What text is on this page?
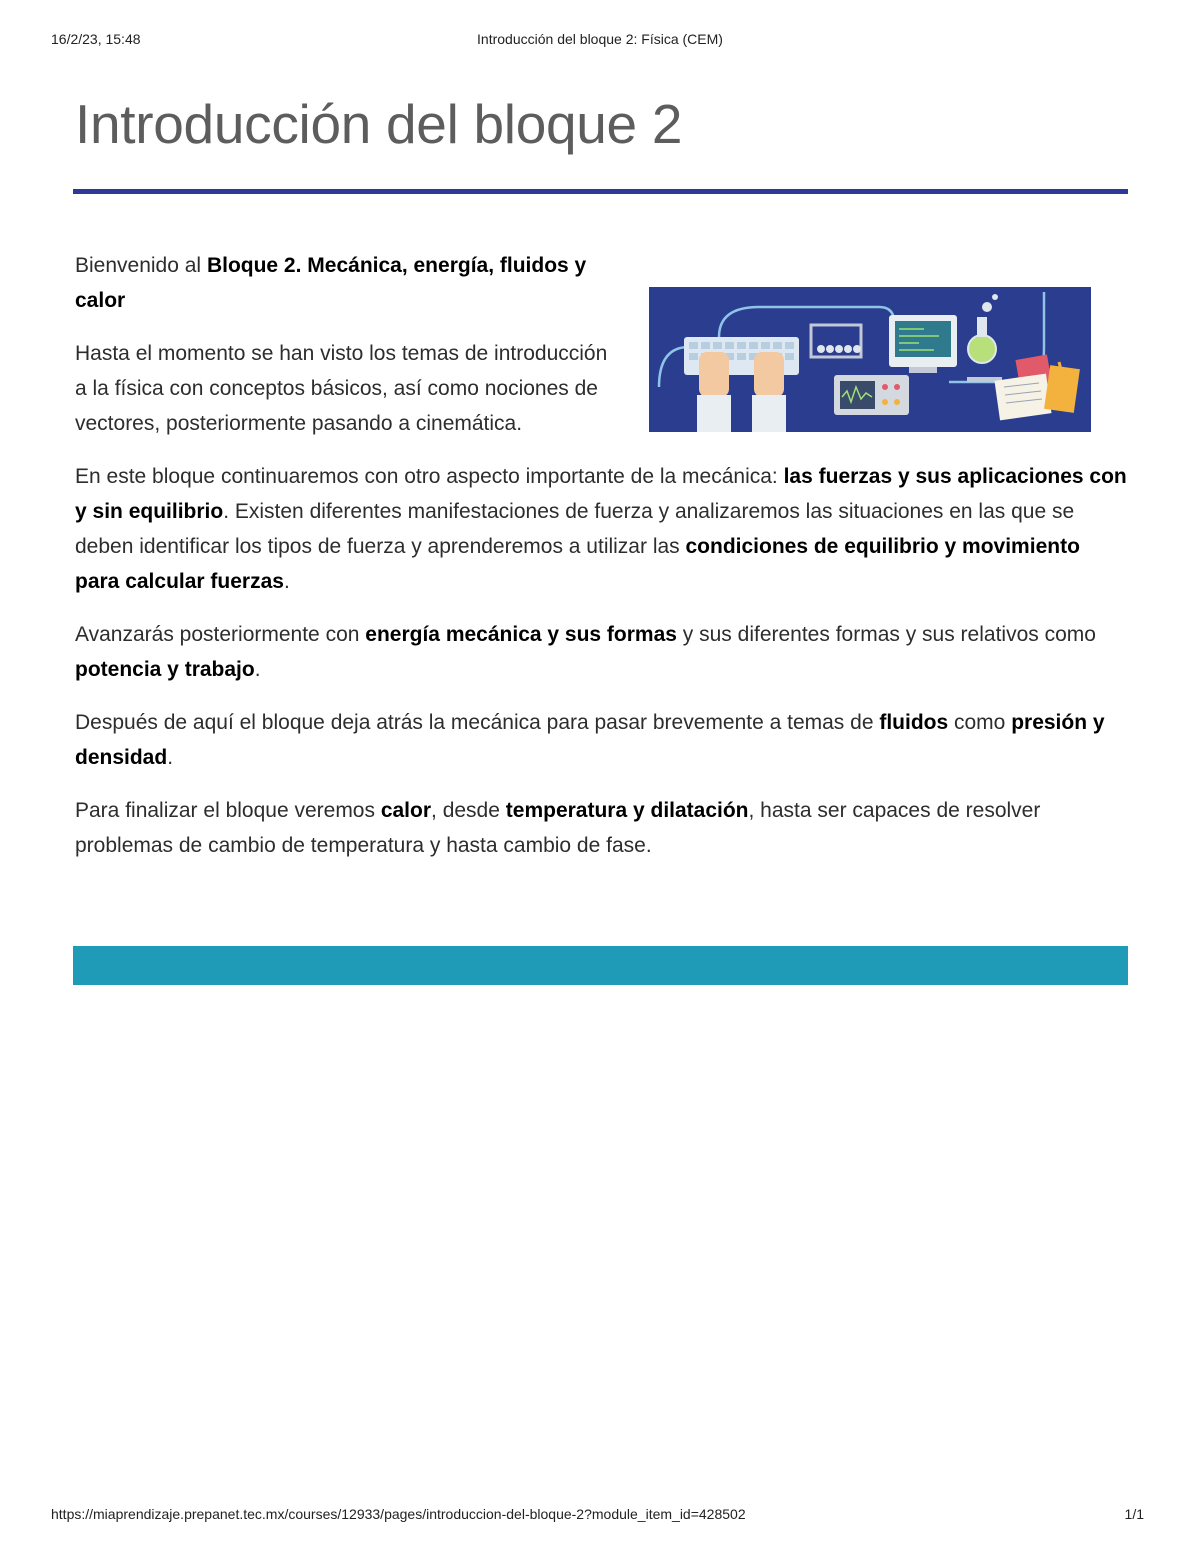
16/2/23, 15:48	Introducción del bloque 2: Física (CEM)
Introducción del bloque 2

Bienvenido al Bloque 2. Mecánica, energía, fluidos y calor

Hasta el momento se han visto los temas de introducción a la física con conceptos básicos, así como nociones de vectores, posteriormente pasando a cinemática.

En este bloque continuaremos con otro aspecto importante de la mecánica: las fuerzas y sus aplicaciones con y sin equilibrio. Existen diferentes manifestaciones de fuerza y analizaremos las situaciones en las que se deben identificar los tipos de fuerza y aprenderemos a utilizar las condiciones de equilibrio y movimiento para calcular fuerzas.

Avanzarás posteriormente con energía mecánica y sus formas y sus diferentes formas y sus relativos como potencia y trabajo.

Después de aquí el bloque deja atrás la mecánica para pasar brevemente a temas de fluidos como presión y densidad.

Para finalizar el bloque veremos calor, desde temperatura y dilatación, hasta ser capaces de resolver problemas de cambio de temperatura y hasta cambio de fase.

https://miaprendizaje.prepanet.tec.mx/courses/12933/pages/introduccion-del-bloque-2?module_item_id=428502	1/1
